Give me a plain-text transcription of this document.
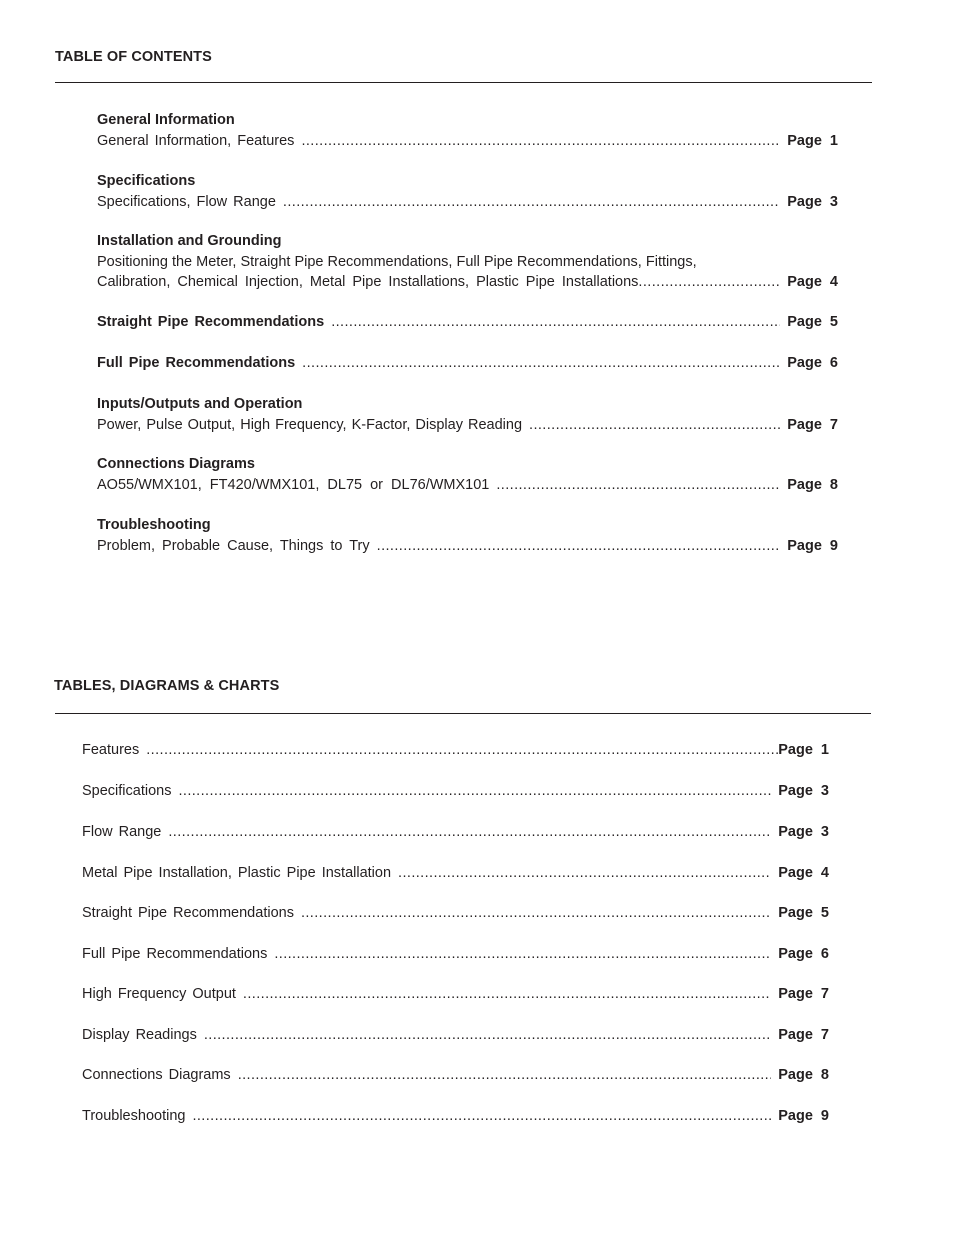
TABLE OF CONTENTS
General Information
General Information, Features .....	Page 1
Specifications
Specifications, Flow Range .....	Page 3
Installation and Grounding
Positioning the Meter, Straight Pipe Recommendations, Full Pipe Recommendations, Fittings,
Calibration, Chemical Injection, Metal Pipe Installations, Plastic Pipe Installations .....	Page 4
Straight Pipe Recommendations .....	Page 5
Full Pipe Recommendations .....	Page 6
Inputs/Outputs and Operation
Power, Pulse Output, High Frequency, K-Factor, Display Reading .....	Page 7
Connections Diagrams
AO55/WMX101, FT420/WMX101, DL75 or DL76/WMX101 .....	Page 8
Troubleshooting
Problem, Probable Cause, Things to Try .....	Page 9
TABLES, DIAGRAMS & CHARTS
Features .....	Page 1
Specifications .....	Page 3
Flow Range .....	Page 3
Metal Pipe Installation, Plastic Pipe Installation .....	Page 4
Straight Pipe Recommendations .....	Page 5
Full Pipe Recommendations .....	Page 6
High Frequency Output .....	Page 7
Display Readings .....	Page 7
Connections Diagrams .....	Page 8
Troubleshooting .....	Page 9
